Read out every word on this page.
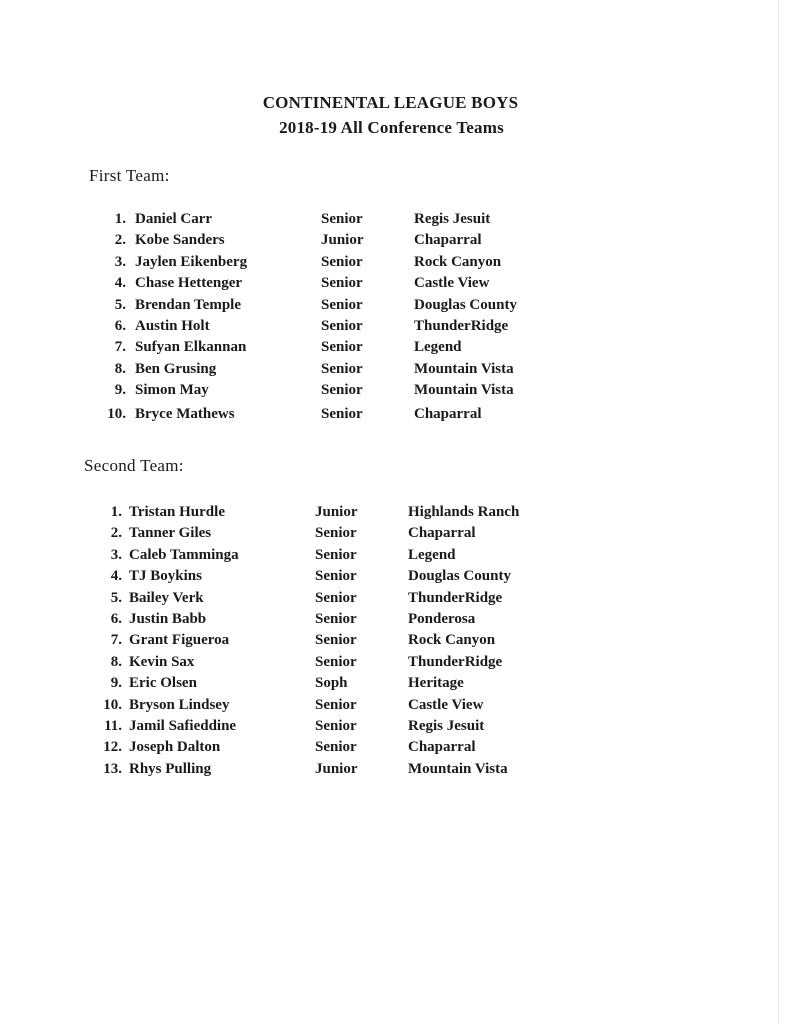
CONTINENTAL LEAGUE BOYS
2018-19 All Conference Teams
First Team:
1. Daniel Carr	Senior	Regis Jesuit
2. Kobe Sanders	Junior	Chaparral
3. Jaylen Eikenberg	Senior	Rock Canyon
4. Chase Hettenger	Senior	Castle View
5. Brendan Temple	Senior	Douglas County
6. Austin Holt	Senior	ThunderRidge
7. Sufyan Elkannan	Senior	Legend
8. Ben Grusing	Senior	Mountain Vista
9. Simon May	Senior	Mountain Vista
10. Bryce Mathews	Senior	Chaparral
Second Team:
1. Tristan Hurdle	Junior	Highlands Ranch
2. Tanner Giles	Senior	Chaparral
3. Caleb Tamminga	Senior	Legend
4. TJ Boykins	Senior	Douglas County
5. Bailey Verk	Senior	ThunderRidge
6. Justin Babb	Senior	Ponderosa
7. Grant Figueroa	Senior	Rock Canyon
8. Kevin Sax	Senior	ThunderRidge
9. Eric Olsen	Soph	Heritage
10. Bryson Lindsey	Senior	Castle View
11. Jamil Safieddine	Senior	Regis Jesuit
12. Joseph Dalton	Senior	Chaparral
13. Rhys Pulling	Junior	Mountain Vista
